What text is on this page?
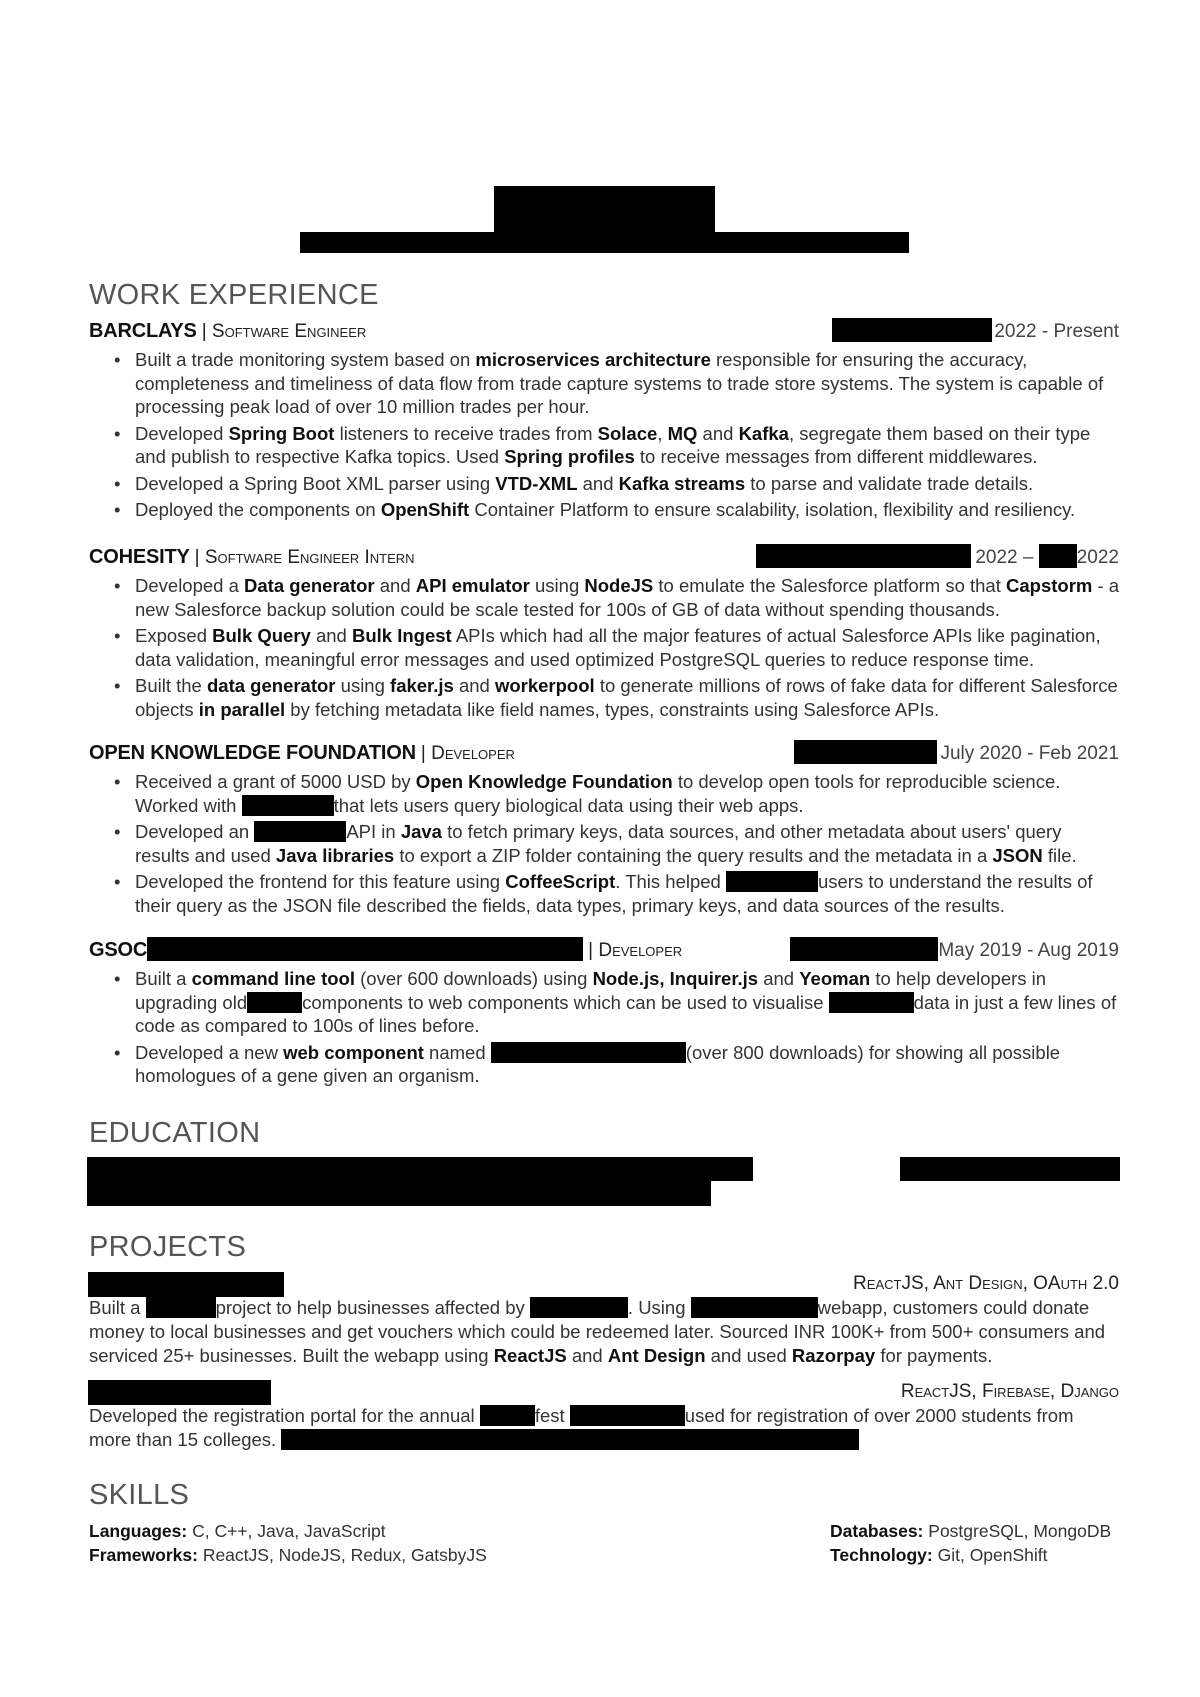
WORK EXPERIENCE
BARCLAYS | Software Engineer	2022 - Present
• Built a trade monitoring system based on microservices architecture responsible for ensuring the accuracy, completeness and timeliness of data flow from trade capture systems to trade store systems. The system is capable of processing peak load of over 10 million trades per hour.
• Developed Spring Boot listeners to receive trades from Solace, MQ and Kafka, segregate them based on their type and publish to respective Kafka topics. Used Spring profiles to receive messages from different middlewares.
• Developed a Spring Boot XML parser using VTD-XML and Kafka streams to parse and validate trade details.
• Deployed the components on OpenShift Container Platform to ensure scalability, isolation, flexibility and resiliency.
COHESITY | Software Engineer Intern	2022 – 2022
• Developed a Data generator and API emulator using NodeJS to emulate the Salesforce platform so that Capstorm - a new Salesforce backup solution could be scale tested for 100s of GB of data without spending thousands.
• Exposed Bulk Query and Bulk Ingest APIs which had all the major features of actual Salesforce APIs like pagination, data validation, meaningful error messages and used optimized PostgreSQL queries to reduce response time.
• Built the data generator using faker.js and workerpool to generate millions of rows of fake data for different Salesforce objects in parallel by fetching metadata like field names, types, constraints using Salesforce APIs.
OPEN KNOWLEDGE FOUNDATION | Developer	July 2020 - Feb 2021
• Received a grant of 5000 USD by Open Knowledge Foundation to develop open tools for reproducible science. Worked with	that lets users query biological data using their web apps.
• Developed an	API in Java to fetch primary keys, data sources, and other metadata about users' query results and used Java libraries to export a ZIP folder containing the query results and the metadata in a JSON file.
• Developed the frontend for this feature using CoffeeScript. This helped	users to understand the results of their query as the JSON file described the fields, data types, primary keys, and data sources of the results.
GSOC	| Developer	May 2019 - Aug 2019
• Built a command line tool (over 600 downloads) using Node.js, Inquirer.js and Yeoman to help developers in upgrading old	components to web components which can be used to visualise	data in just a few lines of code as compared to 100s of lines before.
• Developed a new web component named	(over 800 downloads) for showing all possible homologues of a gene given an organism.
EDUCATION
PROJECTS
ReactJS, Ant Design, OAuth 2.0
Built a	project to help businesses affected by	. Using	webapp, customers could donate money to local businesses and get vouchers which could be redeemed later. Sourced INR 100K+ from 500+ consumers and serviced 25+ businesses. Built the webapp using ReactJS and Ant Design and used Razorpay for payments.
ReactJS, Firebase, Django
Developed the registration portal for the annual	fest	used for registration of over 2000 students from more than 15 colleges.
SKILLS
Languages: C, C++, Java, JavaScript
Frameworks: ReactJS, NodeJS, Redux, GatsbyJS
Databases: PostgreSQL, MongoDB
Technology: Git, OpenShift
